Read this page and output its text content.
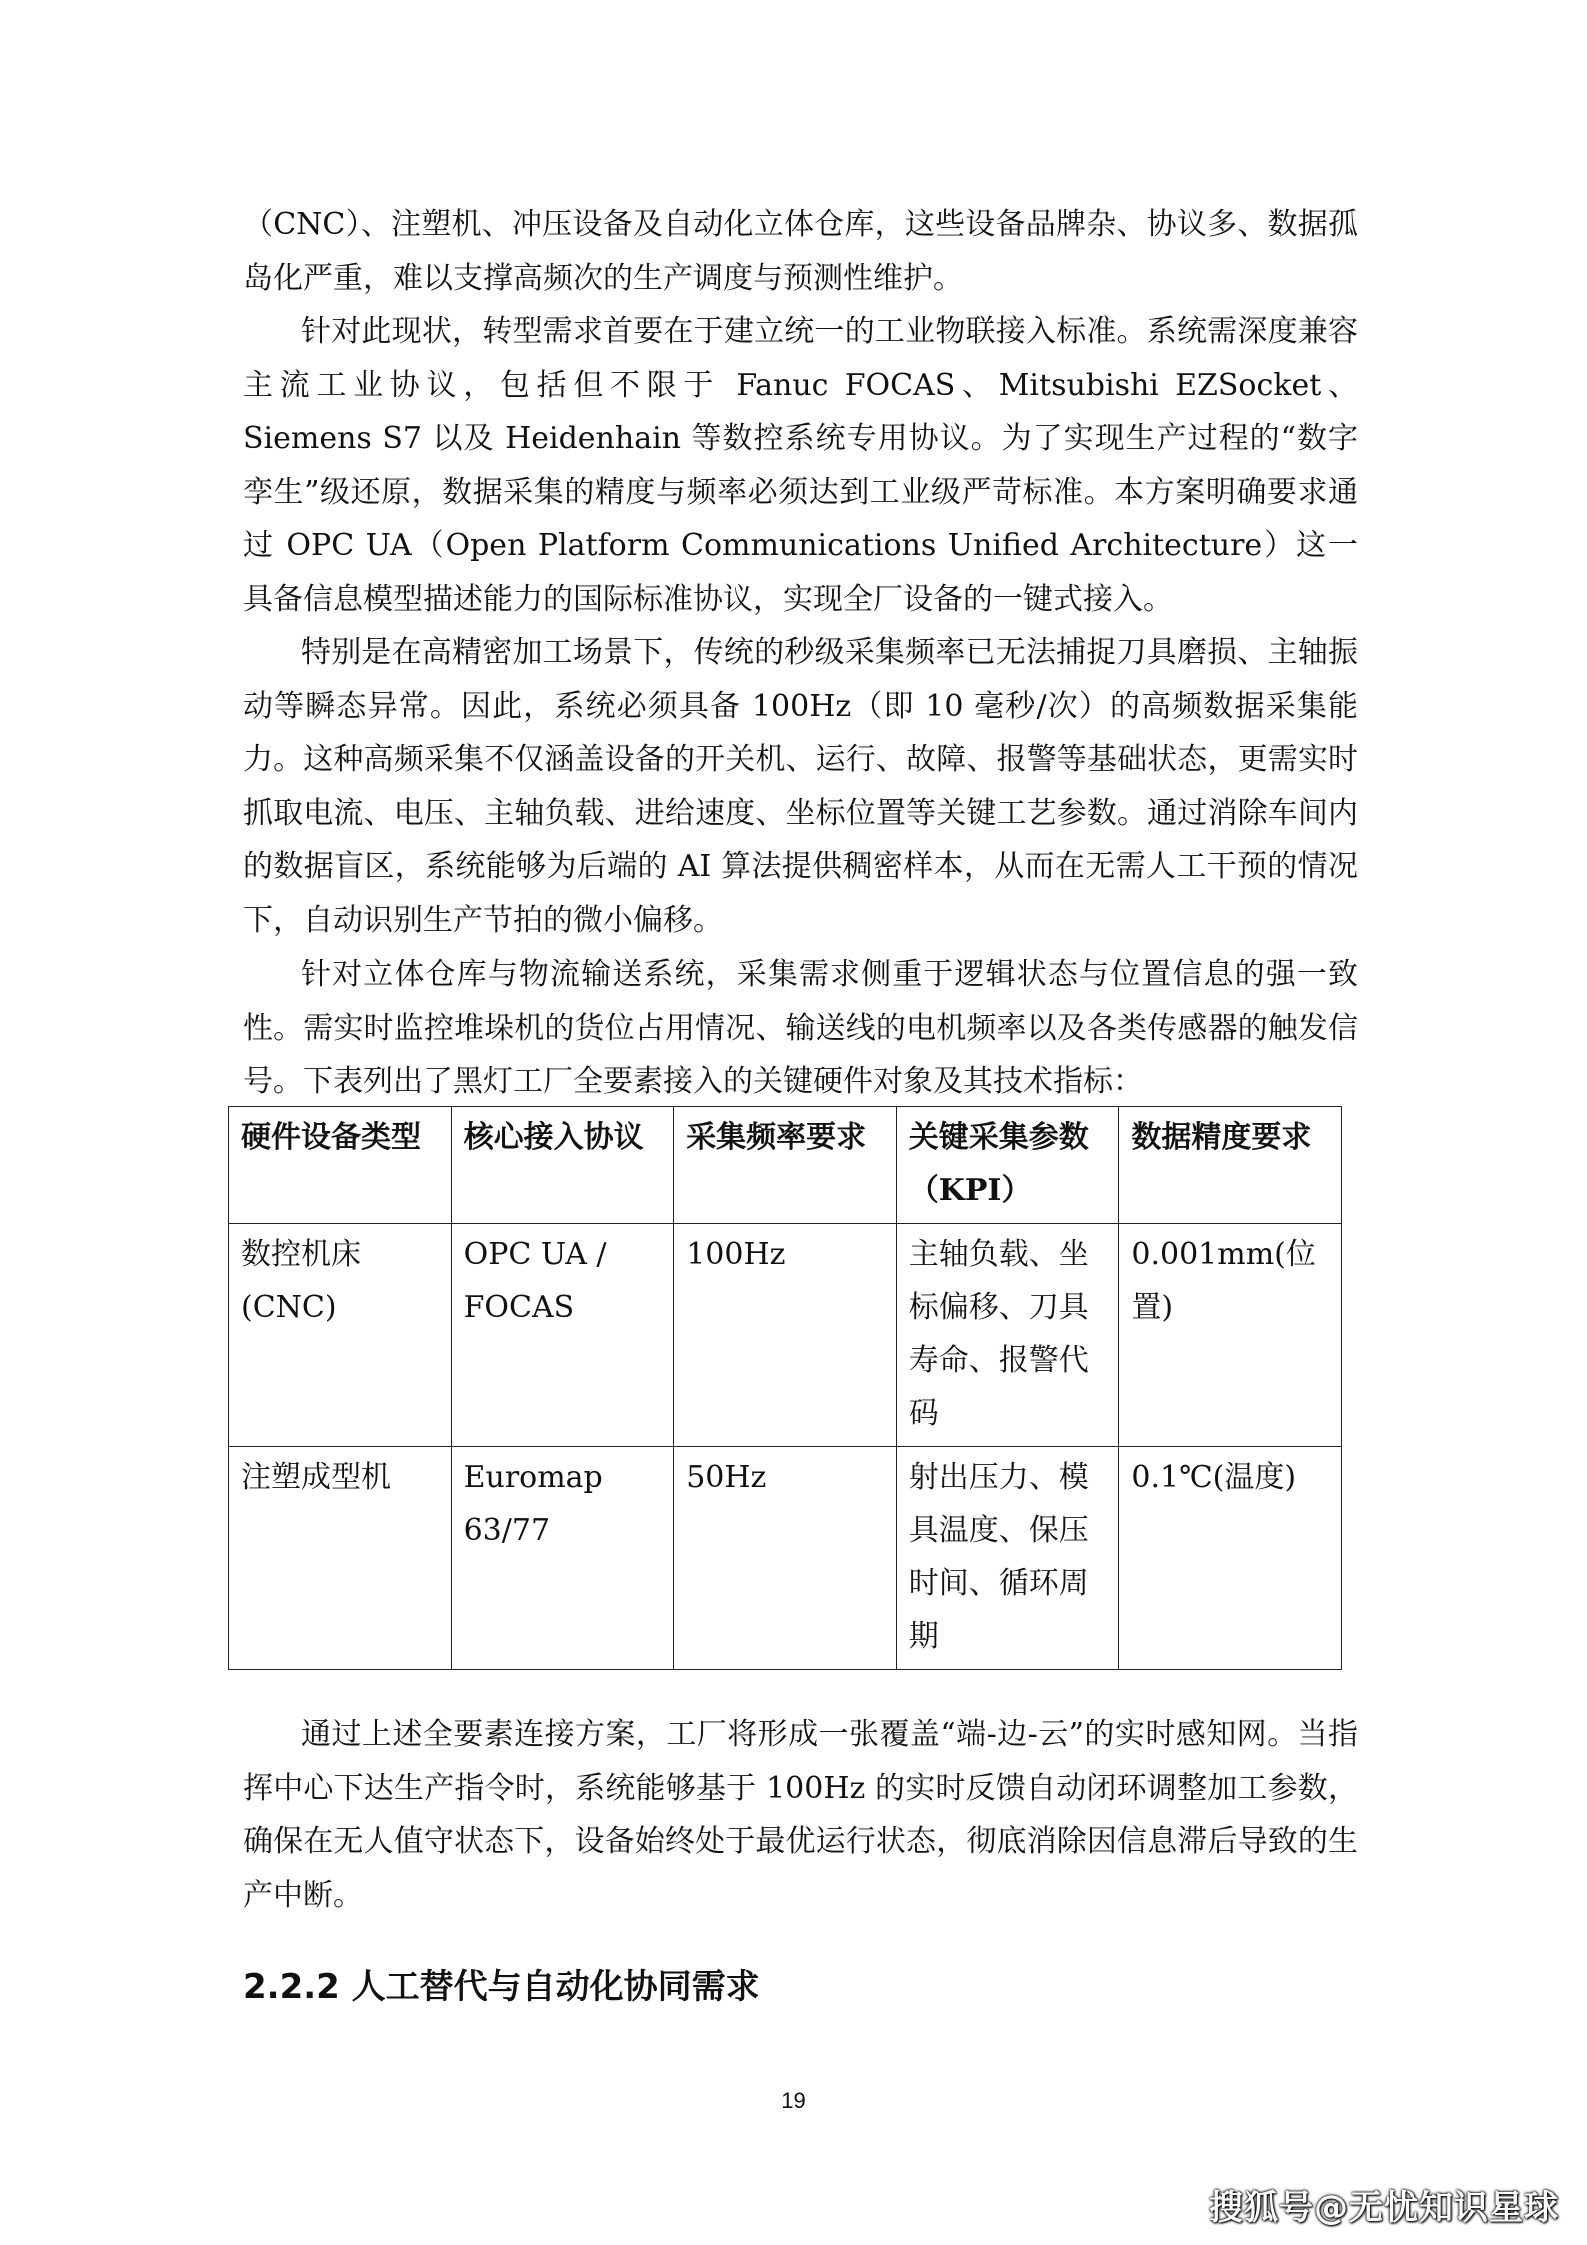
（CNC）、注塑机、冲压设备及自动化立体仓库，这些设备品牌杂、协议多、数据孤岛化严重，难以支撑高频次的生产调度与预测性维护。

针对此现状，转型需求首要在于建立统一的工业物联接入标准。系统需深度兼容主流工业协议，包括但不限于 Fanuc FOCAS、Mitsubishi EZSocket、Siemens S7 以及 Heidenhain 等数控系统专用协议。为了实现生产过程的“数字孪生”级还原，数据采集的精度与频率必须达到工业级严苛标准。本方案明确要求通过 OPC UA（Open Platform Communications Unified Architecture）这一具备信息模型描述能力的国际标准协议，实现全厂设备的一键式接入。

特别是在高精密加工场景下，传统的秒级采集频率已无法捕捉刀具磨损、主轴振动等瞬态异常。因此，系统必须具备 100Hz（即 10 毫秒/次）的高频数据采集能力。这种高频采集不仅涵盖设备的开关机、运行、故障、报警等基础状态，更需实时抓取电流、电压、主轴负载、进给速度、坐标位置等关键工艺参数。通过消除车间内的数据盲区，系统能够为后端的 AI 算法提供稠密样本，从而在无需人工干预的情况下，自动识别生产节拍的微小偏移。

针对立体仓库与物流输送系统，采集需求侧重于逻辑状态与位置信息的强一致性。需实时监控堆垛机的货位占用情况、输送线的电机频率以及各类传感器的触发信号。下表列出了黑灯工厂全要素接入的关键硬件对象及其技术指标：

硬件设备类型	核心接入协议	采集频率要求	关键采集参数（KPI）	数据精度要求
数控机床(CNC)	OPC UA / FOCAS	100Hz	主轴负载、坐标偏移、刀具寿命、报警代码	0.001mm(位置)
注塑成型机	Euromap 63/77	50Hz	射出压力、模具温度、保压时间、循环周期	0.1℃(温度)

通过上述全要素连接方案，工厂将形成一张覆盖“端-边-云”的实时感知网。当指挥中心下达生产指令时，系统能够基于 100Hz 的实时反馈自动闭环调整加工参数，确保在无人值守状态下，设备始终处于最优运行状态，彻底消除因信息滞后导致的生产中断。

2.2.2 人工替代与自动化协同需求
19
搜狐号@无忧知识星球
